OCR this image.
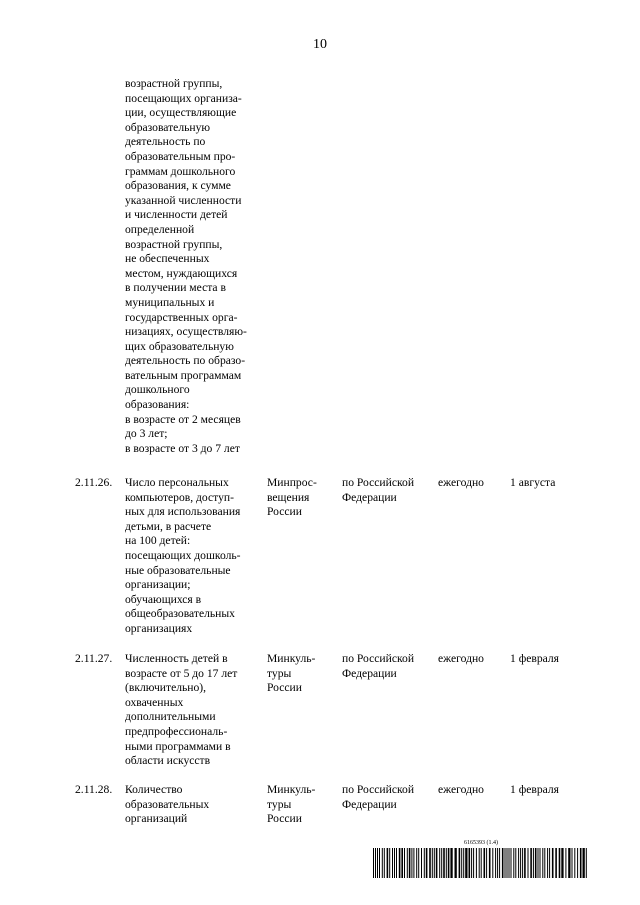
10
возрастной группы,
посещающих организа-
ции, осуществляющие
образовательную
деятельность по
образовательным про-
граммам дошкольного
образования, к сумме
указанной численности
и численности детей
определенной
возрастной группы,
не обеспеченных
местом, нуждающихся
в получении места в
муниципальных и
государственных орга-
низациях, осуществляю-
щих образовательную
деятельность по образо-
вательным программам
дошкольного
образования:
в возрасте от 2 месяцев
до 3 лет;
в возрасте от 3 до 7 лет
2.11.26. Число персональных
компьютеров, доступ-
ных для использования
детьми, в расчете
на 100 детей:
посещающих дошколь-
ные образовательные
организации;
обучающихся в
общеобразовательных
организациях
Минпрос-
вещения
России
по Российской
Федерации
ежегодно 1 августа
2.11.27. Численность детей в
возрасте от 5 до 17 лет
(включительно),
охваченных
дополнительными
предпрофессиональ-
ными программами в
области искусств
Минкуль-
туры
России
по Российской
Федерации
ежегодно 1 февраля
2.11.28. Количество
образовательных
организаций
Минкуль-
туры
России
по Российской
Федерации
ежегодно 1 февраля
6165393 (1.4)
